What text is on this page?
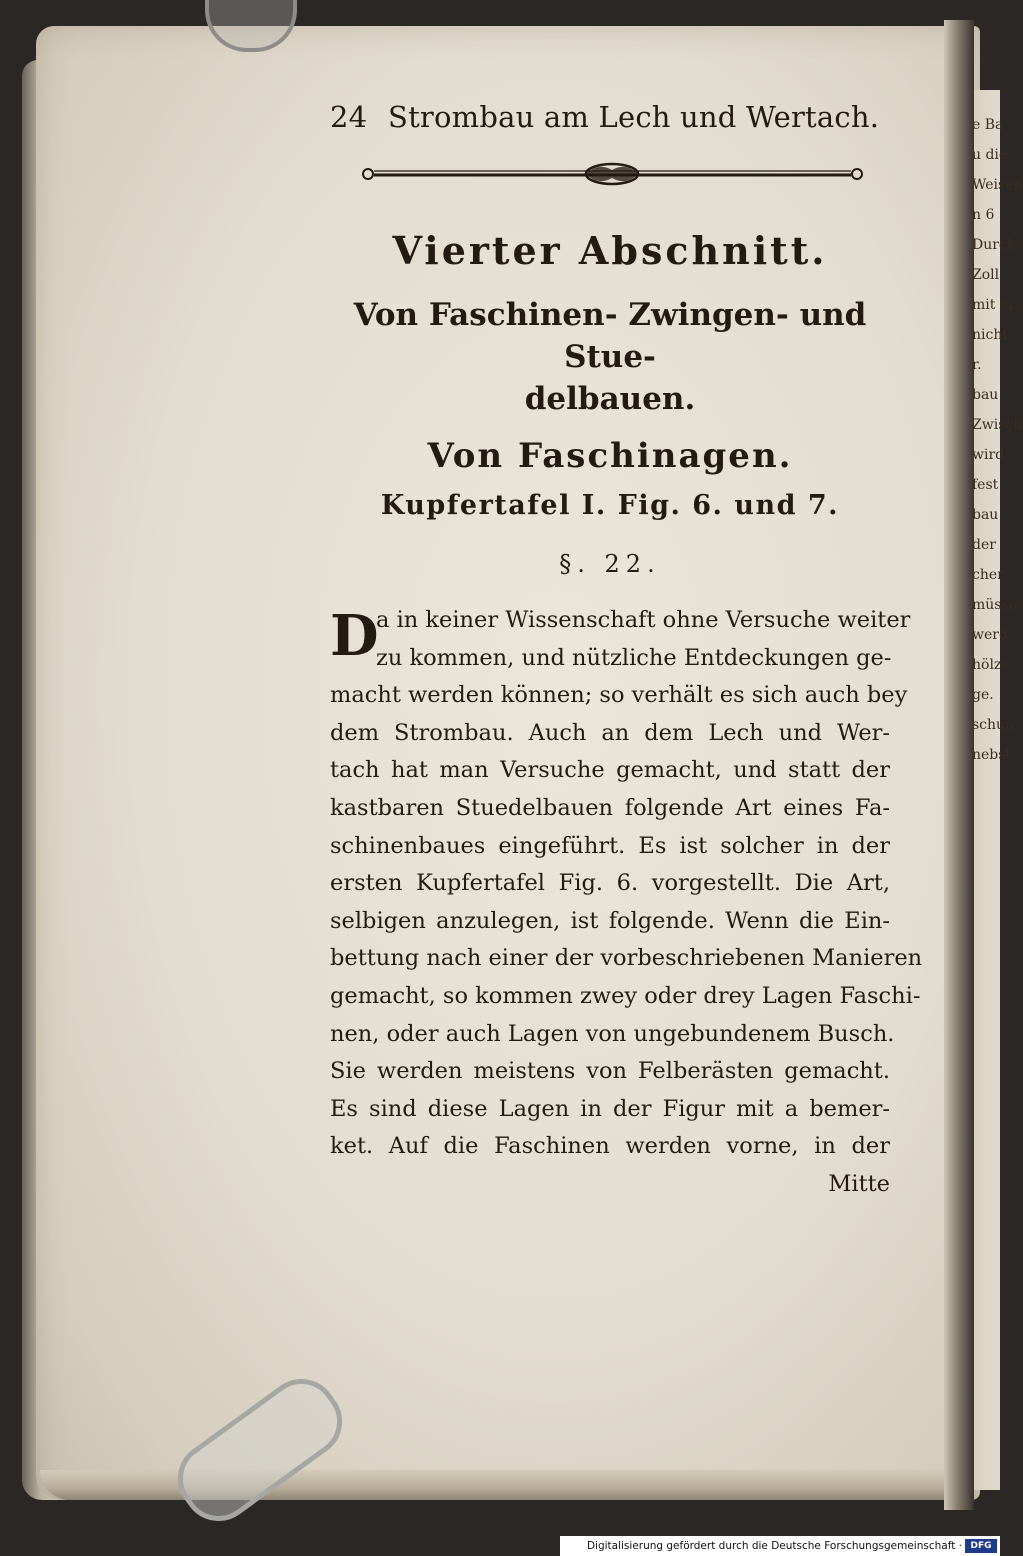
e Ba
u die
Weisen
n 6
Durch
Zoll
mit ei
nicht
r.
bau
Zwisch
wird
fest
bau
der
cher
müsse
werd
hölze
ge.
schun
nebst
24 Strombau am Lech und Wertach.
Vierter Abschnitt.
Von Faschinen- Zwingen- und Stue-
delbauen.
Von Faschinagen.
Kupfertafel I. Fig. 6. und 7.
§. 22.
D
a in keiner Wissenschaft ohne Versuche weiter
zu kommen, und nützliche Entdeckungen ge-
macht werden können; so verhält es sich auch bey
dem Strombau. Auch an dem Lech und Wer-
tach hat man Versuche gemacht, und statt der
kastbaren Stuedelbauen folgende Art eines Fa-
schinenbaues eingeführt. Es ist solcher in der
ersten Kupfertafel Fig. 6. vorgestellt. Die Art,
selbigen anzulegen, ist folgende. Wenn die Ein-
bettung nach einer der vorbeschriebenen Manieren
gemacht, so kommen zwey oder drey Lagen Faschi-
nen, oder auch Lagen von ungebundenem Busch.
Sie werden meistens von Felberästen gemacht.
Es sind diese Lagen in der Figur mit a bemer-
ket. Auf die Faschinen werden vorne, in der
Mitte
Digitalisierung gefördert durch die Deutsche Forschungsgemeinschaft · DFG
